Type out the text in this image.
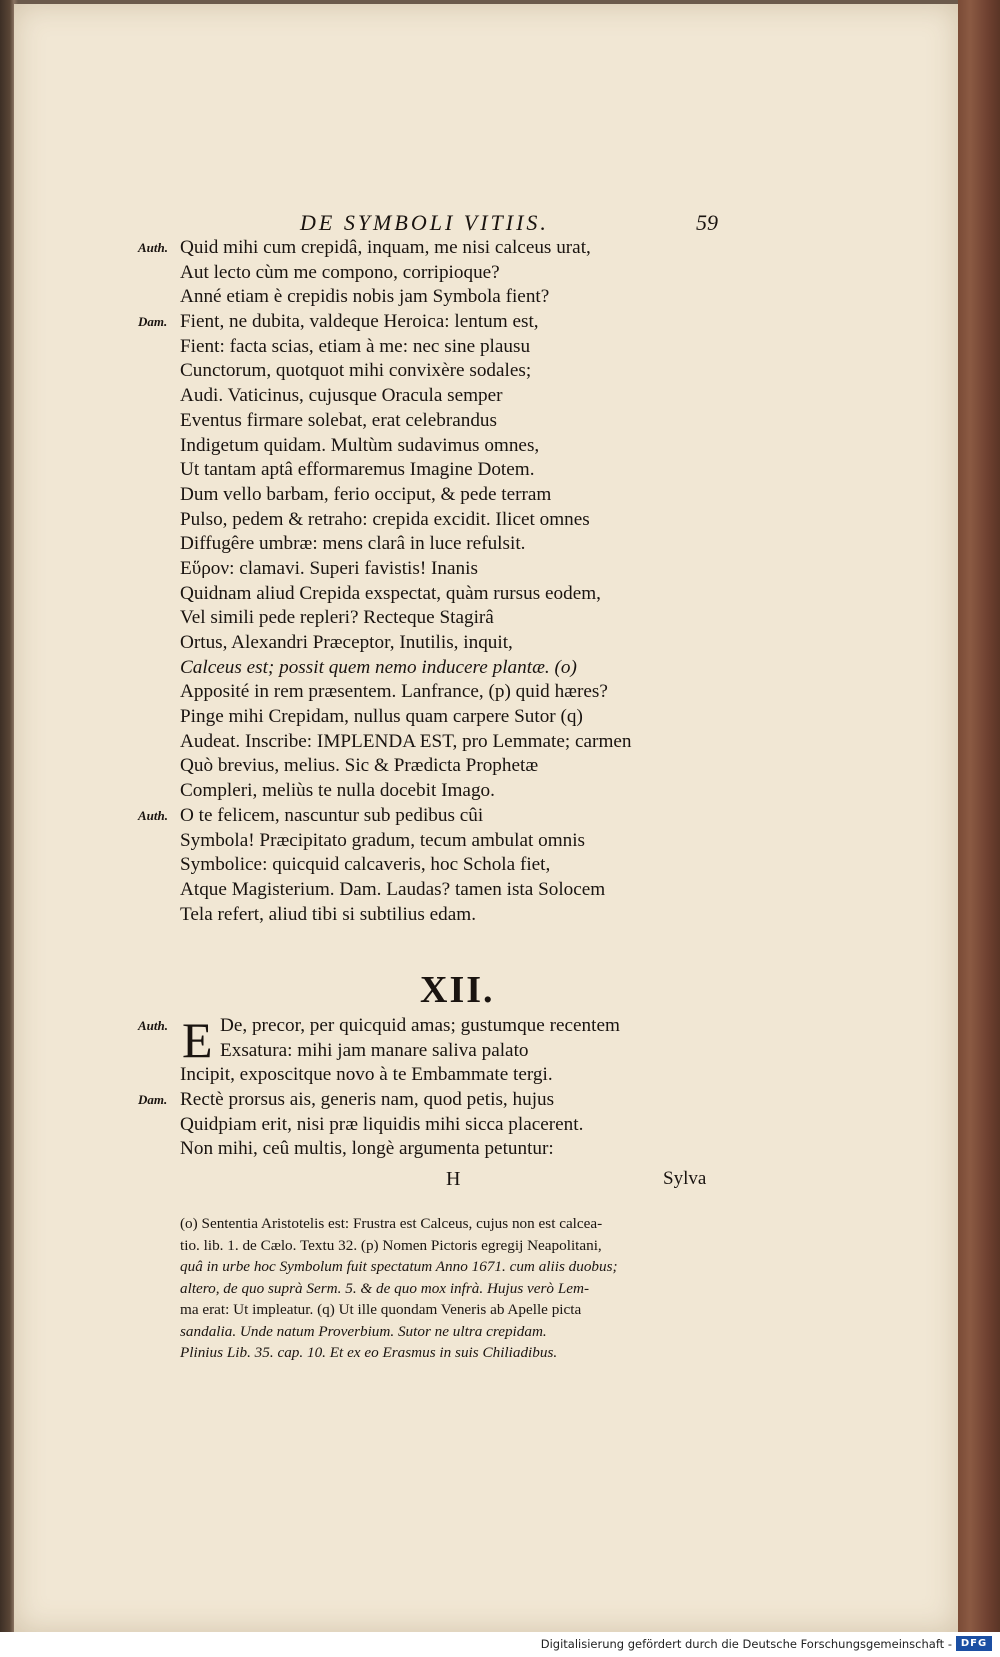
DE SYMBOLI VITIIS.	59
Auth. Quid mihi cum crepidâ, inquam, me nisi calceus urat,
Aut lecto cùm me compono, corripioque?
Anné etiam è crepidis nobis jam Symbola fient?
Dam. Fient, ne dubita, valdeque Heroica: lentum est,
Fient: facta scias, etiam à me: nec sine plausu
Cunctorum, quotquot mihi convixère sodales;
Audi. Vaticinus, cujusque Oracula semper
Eventus firmare solebat, erat celebrandus
Indigetum quidam. Multùm sudavimus omnes,
Ut tantam aptâ efformaremus Imagine Dotem.
Dum vello barbam, ferio occiput, & pede terram
Pulso, pedem & retraho: crepida excidit. Ilicet omnes
Diffugêre umbræ: mens clarâ in luce refulsit.
Εὕρον: clamavi. Superi favistis! Inanis
Quidnam aliud Crepida exspectat, quàm rursus eodem,
Vel simili pede repleri? Recteque Stagirâ
Ortus, Alexandri Præceptor, Inutilis, inquit,
Calceus est; possit quem nemo inducere plantæ. (o)
Apposité in rem præsentem. Lanfrance, (p) quid hæres?
Pinge mihi Crepidam, nullus quam carpere Sutor (q)
Audeat. Inscribe: IMPLENDA EST, pro Lemmate; carmen
Quò brevius, melius. Sic & Prædicta Prophetæ
Compleri, meliùs te nulla docebit Imago.
Auth. O te felicem, nascuntur sub pedibus cûi
Symbola! Præcipitato gradum, tecum ambulat omnis
Symbolice: quicquid calcaveris, hoc Schola fiet,
Atque Magisterium. Dam. Laudas? tamen ista Solocem
Tela refert, aliud tibi si subtilius edam.
XII.
E
Auth.	De, precor, per quicquid amas; gustumque recentem
Exsatura: mihi jam manare saliva palato
Incipit, exposcitque novo à te Embammate tergi.
Dam. Rectè prorsus ais, generis nam, quod petis, hujus
Quidpiam erit, nisi præ liquidis mihi sicca placerent.
Non mihi, ceû multis, longè argumenta petuntur:
H	Sylva
(o) Sententia Aristotelis est: Frustra est Calceus, cujus non est calcea-
tio. lib. 1. de Cælo. Textu 32. (p) Nomen Pictoris egregij Neapolitani,
quâ in urbe hoc Symbolum fuit spectatum Anno 1671. cum aliis duobus;
altero, de quo suprà Serm. 5. & de quo mox infrà. Hujus verò Lem-
ma erat: Ut impleatur. (q) Ut ille quondam Veneris ab Apelle picta
sandalia. Unde natum Proverbium. Sutor ne ultra crepidam.
Plinius Lib. 35. cap. 10. Et ex eo Erasmus in suis Chiliadibus.
Digitalisierung gefördert durch die Deutsche Forschungsgemeinschaft - DFG
